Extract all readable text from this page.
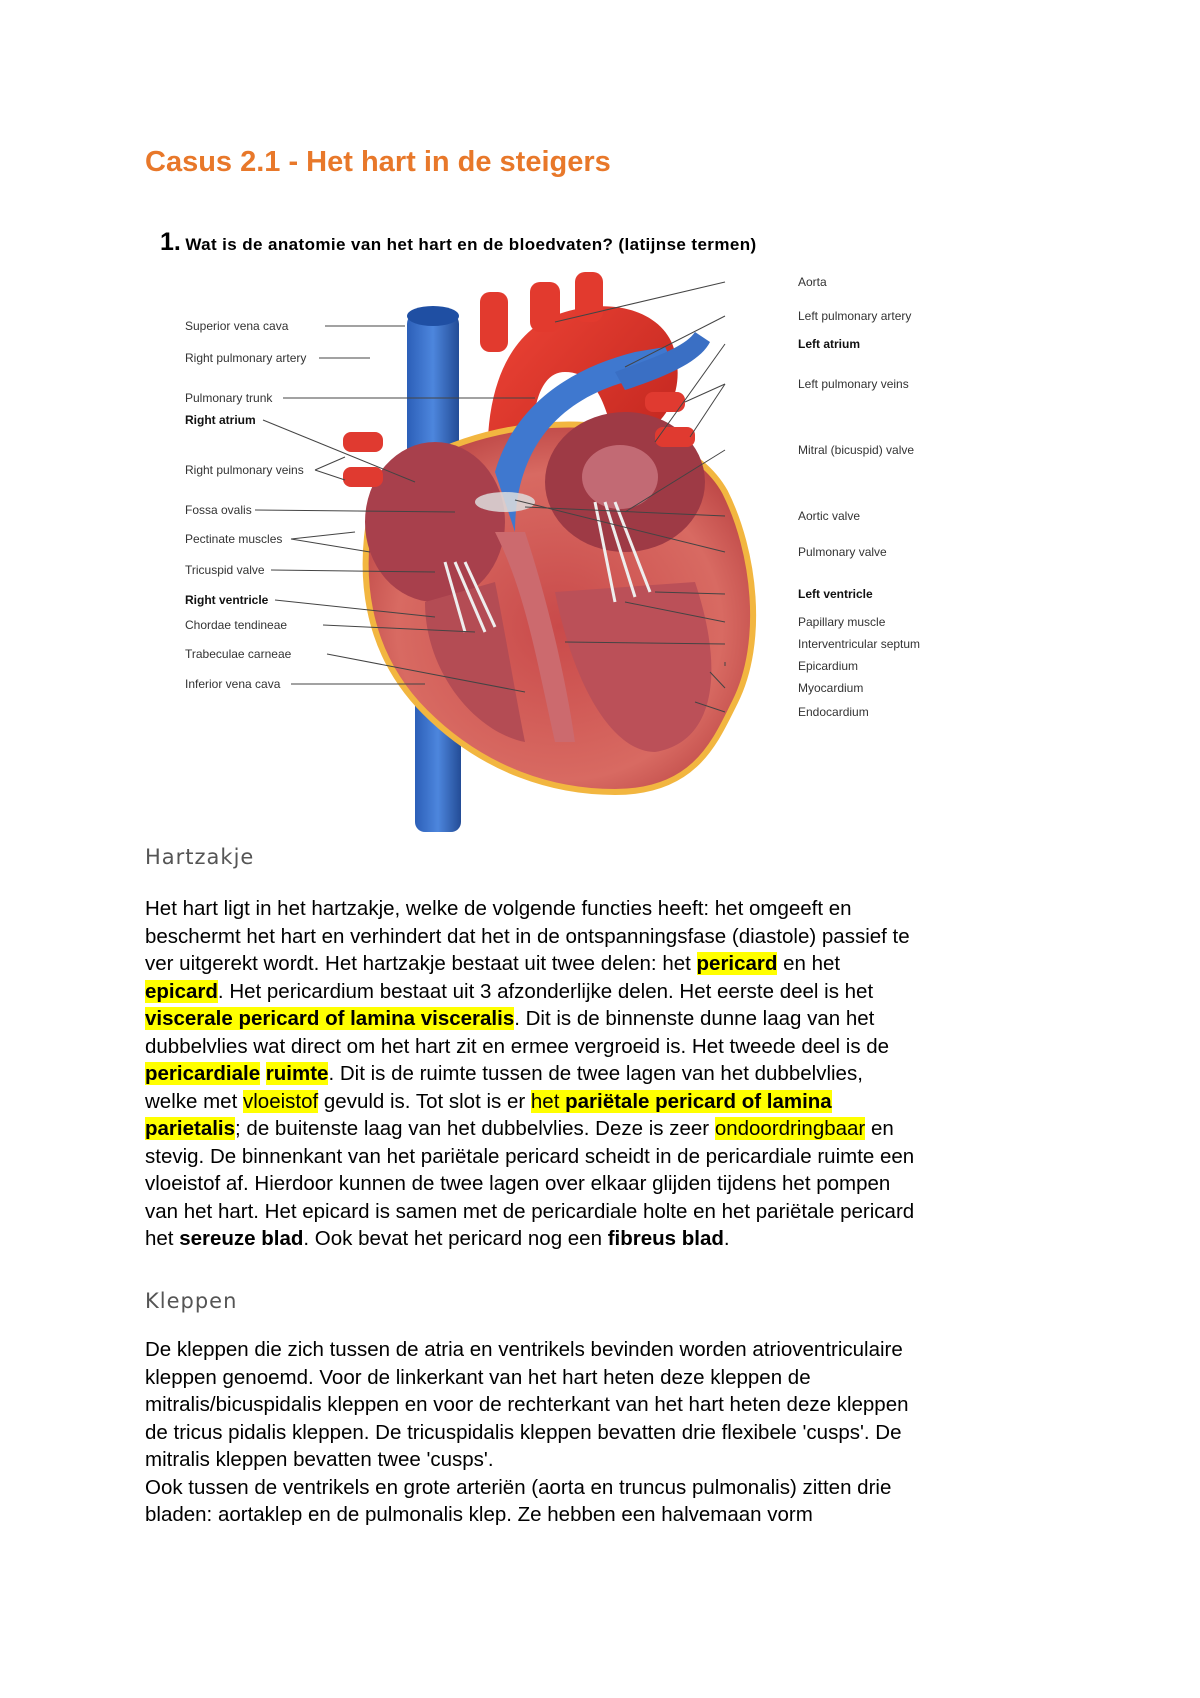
Casus 2.1 - Het hart in de steigers

1. Wat is de anatomie van het hart en de bloedvaten? (latijnse termen)

Superior vena cava
Right pulmonary artery
Pulmonary trunk
Right atrium
Right pulmonary veins
Fossa ovalis
Pectinate muscles
Tricuspid valve
Right ventricle
Chordae tendineae
Trabeculae carneae
Inferior vena cava
Aorta
Left pulmonary artery
Left atrium
Left pulmonary veins
Mitral (bicuspid) valve
Aortic valve
Pulmonary valve
Left ventricle
Papillary muscle
Interventricular septum
Epicardium
Myocardium
Endocardium
Hartzakje
Het hart ligt in het hartzakje, welke de volgende functies heeft: het omgeeft en
beschermt het hart en verhindert dat het in de ontspanningsfase (diastole) passief te
ver uitgerekt wordt. Het hartzakje bestaat uit twee delen: het pericard en het
epicard. Het pericardium bestaat uit 3 afzonderlijke delen. Het eerste deel is het
viscerale pericard of lamina visceralis. Dit is de binnenste dunne laag van het
dubbelvlies wat direct om het hart zit en ermee vergroeid is. Het tweede deel is de
pericardiale ruimte. Dit is de ruimte tussen de twee lagen van het dubbelvlies,
welke met vloeistof gevuld is. Tot slot is er het pariëtale pericard of lamina
parietalis; de buitenste laag van het dubbelvlies. Deze is zeer ondoordringbaar en
stevig. De binnenkant van het pariëtale pericard scheidt in de pericardiale ruimte een
vloeistof af. Hierdoor kunnen de twee lagen over elkaar glijden tijdens het pompen
van het hart. Het epicard is samen met de pericardiale holte en het pariëtale pericard
het sereuze blad. Ook bevat het pericard nog een fibreus blad.
Kleppen
De kleppen die zich tussen de atria en ventrikels bevinden worden atrioventriculaire
kleppen genoemd. Voor de linkerkant van het hart heten deze kleppen de
mitralis/bicuspidalis kleppen en voor de rechterkant van het hart heten deze kleppen
de tricus pidalis kleppen. De tricuspidalis kleppen bevatten drie flexibele 'cusps'. De
mitralis kleppen bevatten twee 'cusps'.
Ook tussen de ventrikels en grote arteriën (aorta en truncus pulmonalis) zitten drie
bladen: aortaklep en de pulmonalis klep. Ze hebben een halvemaan vorm
